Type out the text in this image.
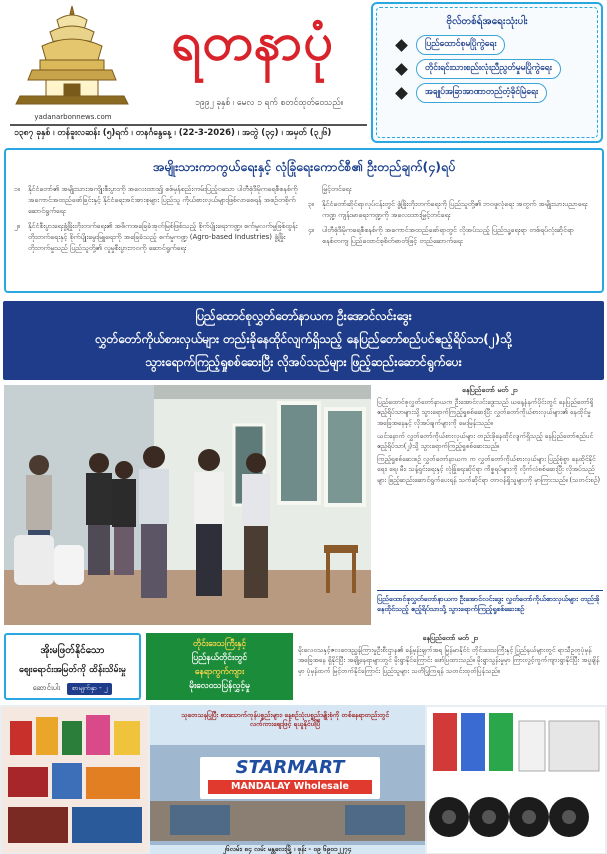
yadanarbonnews.com
ရတနာပုံ
၁၉၉၂ ခုနှစ် ၊ မေလ ၁ ရက် စတင်ထုတ်ဝေသည်။
၁၃၈၇ ခုနှစ် ၊ တန်ခူးလဆန်း (၅)ရက် ၊ တနင်္ဂနွေနေ့ ၊ (22-3-2026) ၊ အတွဲ (၃၄) ၊ အမှတ် (၃၂၆)
ဗိုလ်တစ်ရ်အရေးသုံးပါး
ပြည်ထောင်စုမပြိုကွဲရေး
တိုင်းရင်းသားစည်းလုံးညီညွတ်မှုမပြိုကွဲရေး
အချုပ်အခြာအာဏာတည်တံ့ခိုင်မြဲရေး
အမျိုးသားကာကွယ်ရေးနှင့် လုံခြုံရေးကောင်စီ၏ ဦးတည်ချက်(၄)ရပ်
၁။	နိုင်ငံတော်၏ အမျိုးသားအကျိုးစီးပွားကို အလေးထား၍ စစ်မှန်စည်းကမ်းပြည့်ဝသော ပါတီစုံဒီမိုကရေစီစနစ်ကို အကောင်အထည်ဖော်ခြင်းနှင့် နိုင်ငံရေးအင်အားစုများ ပြည်သူ ကိုယ်စားလှယ်များဖြစ်လာစေရန် အစဉ်တစိုက်ဆောင်ရွက်ရေး
၂။	နိုင်ငံစီးပွားရေးဖွံ့ဖြိုးတိုးတက်ရေး၏ အဓိကအခြေခံအုတ်မြစ်ဖြစ်သည့် စိုက်ပျိုးရေးကဏ္ဍ၊ စက်မှုလက်မှုဖြစ်ထွန်းတိုးတက်ရေးနှင့် စိုက်ပျိုးမွေးမြူရေးကို အခြေခံသည့် စက်မှုကဏ္ဍ (Agro-based Industries) ဖွံ့ဖြိုးတိုးတက်မှုသည် ပြည်သူတို့၏ လူမှုစီးပွားဘဝကို ဆောင်ရွက်ရေး
မြှင့်တင်ရေး
၃။	နိုင်ငံတော်ဆိုင်ရာလုပ်ငန်းတွင် ဖွံ့ဖြိုးတိုးတက်ရေးကို ပြည်သူတို့၏ ဘဝဖူလုံရေး အတွက် အမျိုးသားပညာရေးကဏ္ဍ ကျန်းမာရေးကဏ္ဍကို အလေးထားမြှင့်တင်ရေး
၄။	ပါတီစုံဒီမိုကရေစီစနစ်ကို အကောင်အထည်ဖော်ရာတွင် လိုအပ်သည့် ပြည်သူ့ရေးရာ တစ်ရပ်လုံးဆိုင်ရာ စနစ်တကျ ပြည်ထောင်စုစိတ်ဓာတ်ဖြင့် တည်ဆောက်ရေး
ပြည်ထောင်စုလွှတ်တော်နာယက ဦးအောင်လင်းဒွေး
လွှတ်တော်ကိုယ်စားလှယ်များ တည်းခိုနေထိုင်လျက်ရှိသည့် နေပြည်တော်စည်ပင်ဧည့်ရိပ်သာ(၂)သို့
သွားရောက်ကြည့်ရှုစစ်ဆေးပြီး လိုအပ်သည်များ ဖြည့်ဆည်းဆောင်ရွက်ပေး
နေပြည်တော် မတ် ၂၁

ပြည်ထောင်စုလွှတ်တော်နာယက ဦးအောင်လင်းဒွေးသည် ယနေ့နံနက်ပိုင်းတွင် နေပြည်တော်ရှိ ဧည့်ရိပ်သာများသို့ သွားရောက်ကြည့်ရှုစစ်ဆေးပြီး လွှတ်တော်ကိုယ်စားလှယ်များ၏ နေထိုင်မှုအခြေအနေနှင့် လိုအပ်ချက်များကို မေးမြန်းသည်။

ယင်းနောက် လွှတ်တော်ကိုယ်စားလှယ်များ တည်းခိုနေထိုင်လျက်ရှိသည့် နေပြည်တော်စည်ပင်ဧည့်ရိပ်သာ(၂)သို့ သွားရောက်ကြည့်ရှုစစ်ဆေးသည်။

ကြည့်ရှုစစ်ဆေးစဉ် လွှတ်တော်နာယက က လွှတ်တော်ကိုယ်စားလှယ်များ ပြည့်စုံစွာ နေထိုင်နိုင်ရေး၊ ရေ၊ မီး၊ သန့်ရှင်းရေးနှင့် လုံခြုံရေးဆိုင်ရာ ကိစ္စရပ်များကို လိုက်လံစစ်ဆေးပြီး လိုအပ်သည်များ ဖြည့်ဆည်းဆောင်ရွက်ပေးရန် သက်ဆိုင်ရာ တာဝန်ရှိသူများကို မှာကြားသည်။ (သတင်းစဉ်)

ပြည်ထောင်စုလွှတ်တော်နာယက ဦးအောင်လင်းဒွေး လွှတ်တော်ကိုယ်စားလှယ်များ တည်းခိုနေထိုင်သည့် ဧည့်ရိပ်သာသို့ သွားရောက်ကြည့်ရှုစစ်ဆေးစဉ်
အိုးမဖြတ်နိုင်သော
ဈေးရောင်းအမြတ်ကို ထိန်းသိမ်းမှု
ဆောင်းပါး စာမျက်နှာ - ၂
တိုင်းဒေသကြီးနှင့်
ပြည်နယ်တိုင်းတွင်
နေရာကွက်ကျား
မိုးလေဝသပြန်လွှင့်မှု
နေပြည်တော် မတ် ၂၁

မိုးလေဝသနှင့်ဇလဗေဒညွှန်ကြားမှုဦးစီးဌာန၏ ခန့်မှန်းချက်အရ မြန်မာနိုင်ငံ တိုင်းဒေသကြီးနှင့် ပြည်နယ်များတွင် ရာသီဥတုပုံမှန်အခြေအနေ ရှိနိုင်ပြီး အချို့နေရာများတွင် မိုးရွာနိုင်ကြောင်း ဖော်ပြထားသည်။ မိုးရွာသွန်းမှုမှာ ကြားလွင့်ကွက်ကျားရွာနိုင်ပြီး အပူချိန်မှာ ပုံမှန်ထက် မြင့်တက်နိုင်ကြောင်း ပြည်သူများ သတိပြုကြရန် သတင်းထုတ်ပြန်သည်။

သုတေသနပြုပြီး စားသောက်ကုန်ပစ္စည်းများ၊ နေ့စဉ်သုံးပစ္စည်းမျိုးစုံကို တစ်နေရာတည်းတွင် လက်ကားဈေးဖြင့် ရယူနိုင်ပါပြီ
STARMART
MANDALAY Wholesale
၂၆လမ်း၊ ၈၄ လမ်း မန္တလေးမြို့ ၊ ဖုန်း - ၀၉ ၆၉၀၁၂၂၇၄
